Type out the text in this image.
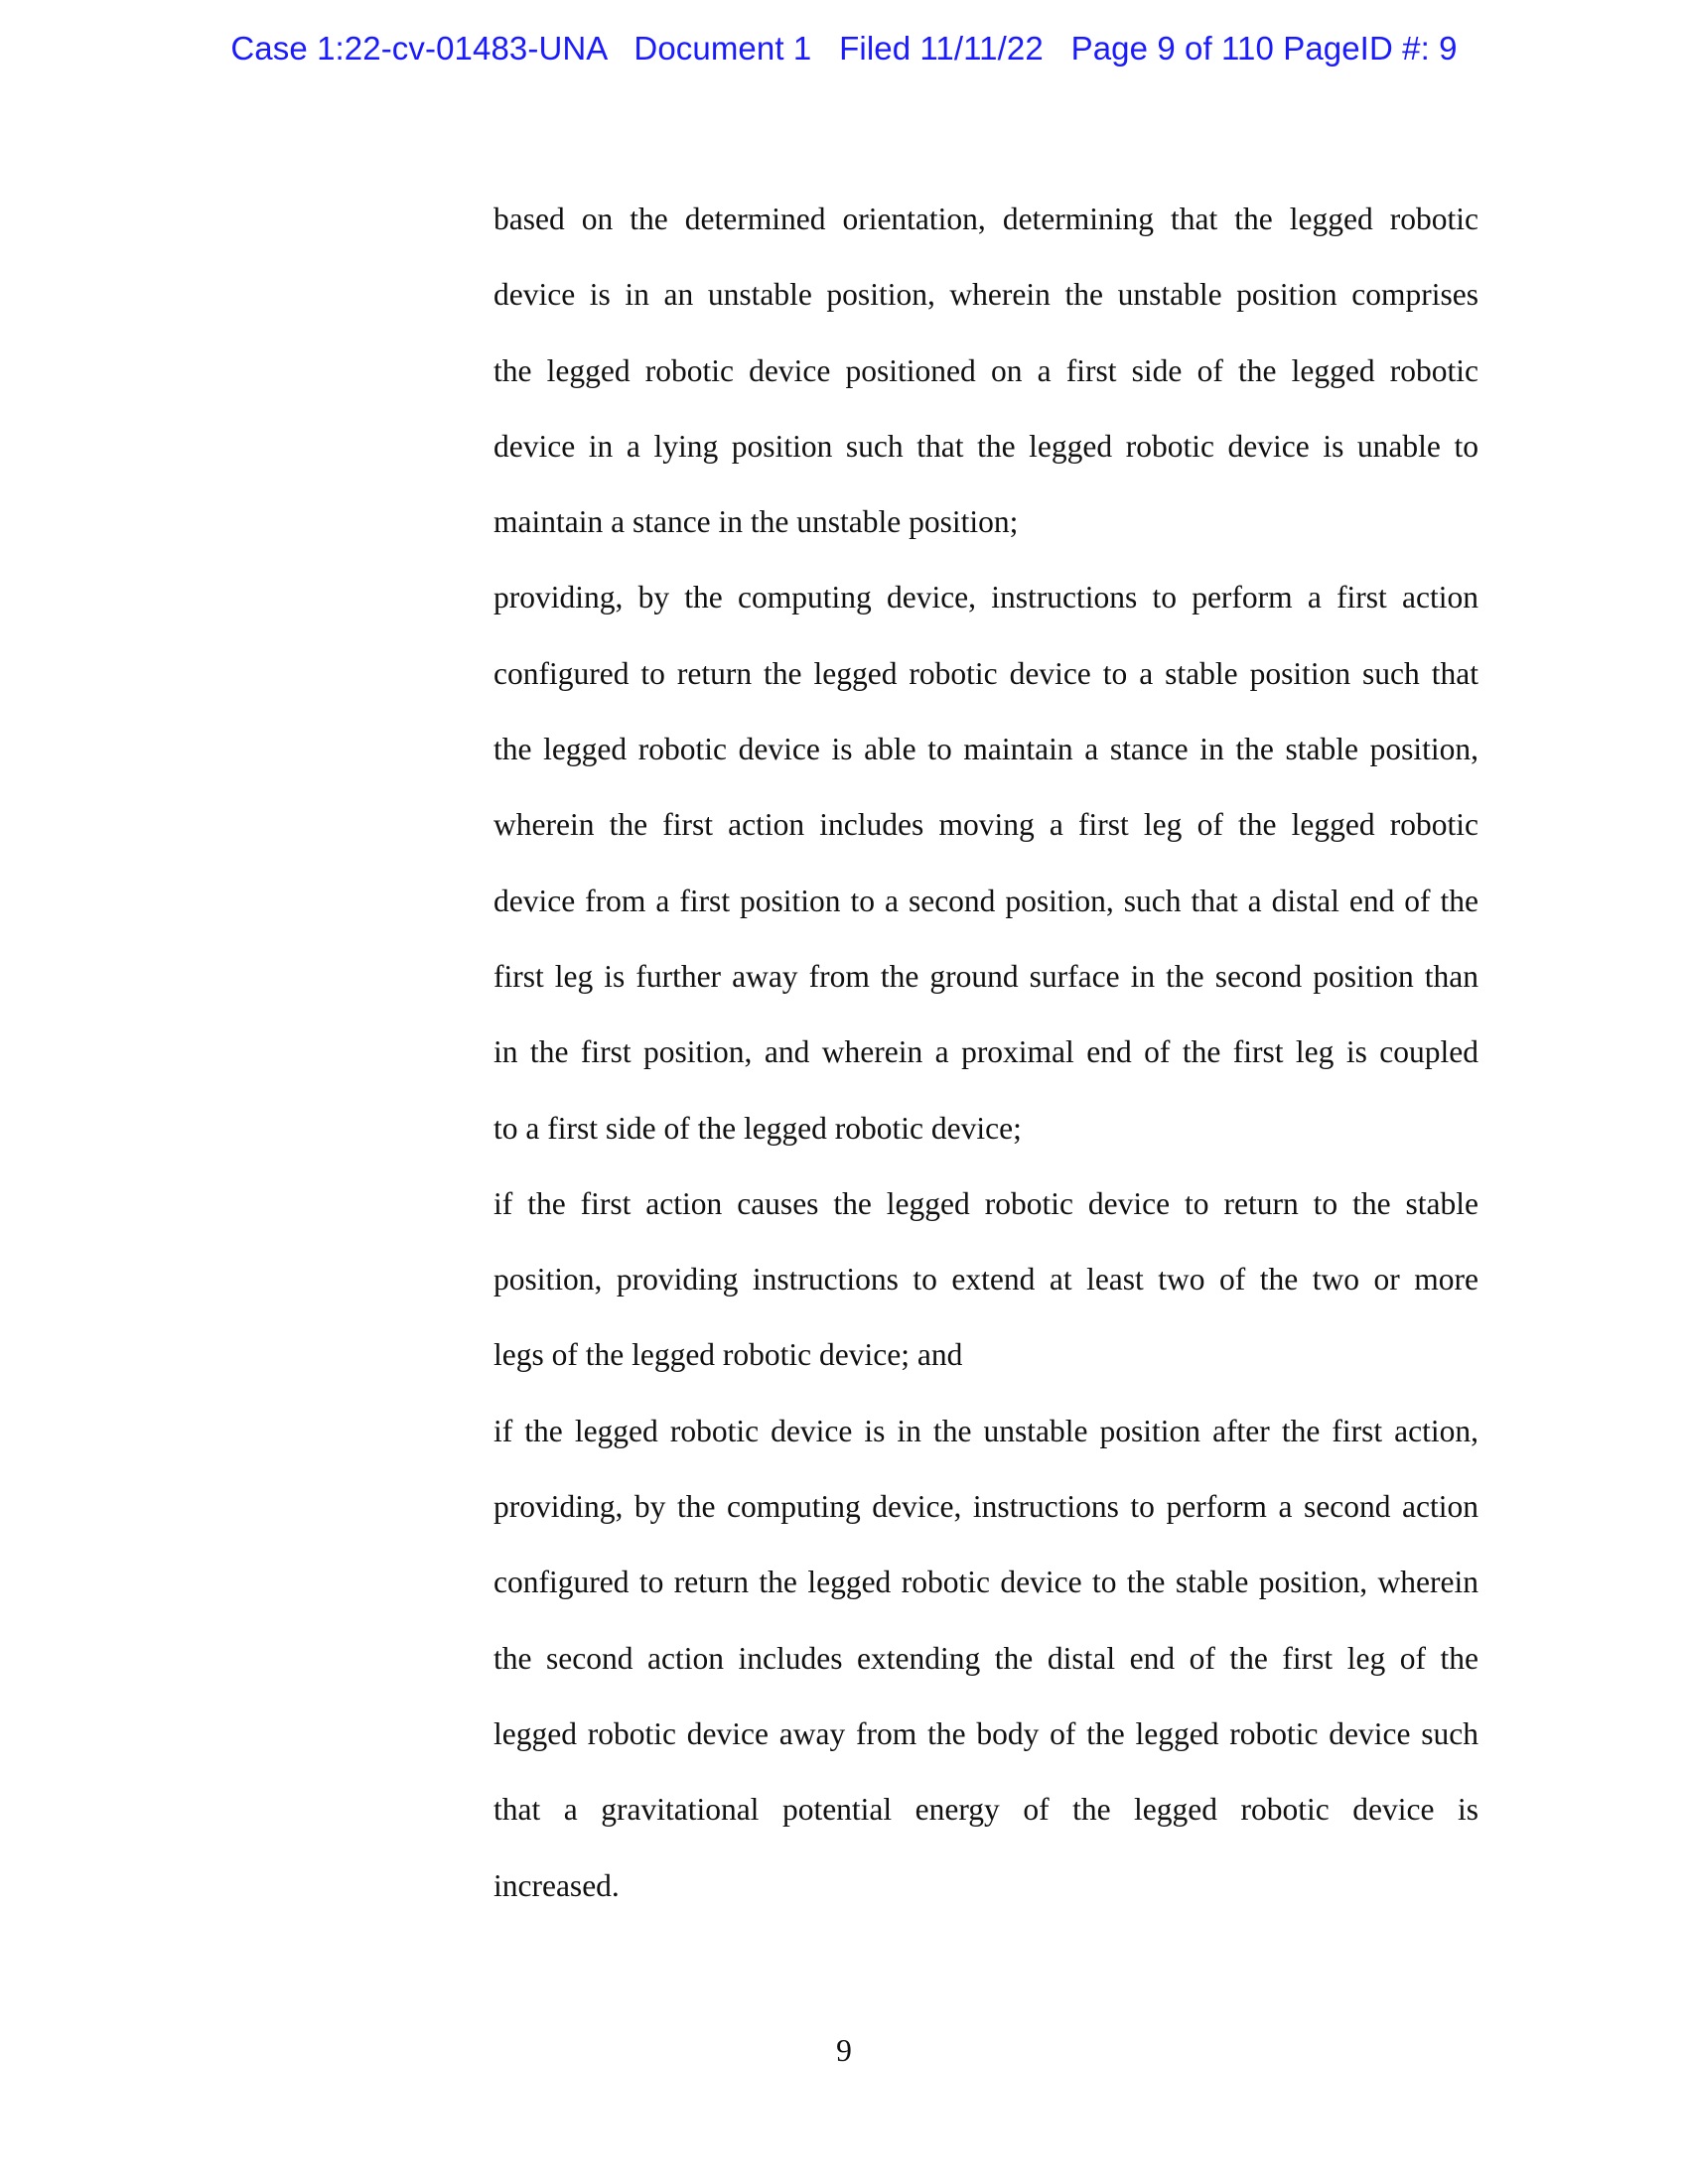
Case 1:22-cv-01483-UNA   Document 1   Filed 11/11/22   Page 9 of 110 PageID #: 9
based on the determined orientation, determining that the legged robotic
device is in an unstable position, wherein the unstable position comprises
the legged robotic device positioned on a first side of the legged robotic
device in a lying position such that the legged robotic device is unable to
maintain a stance in the unstable position;
providing, by the computing device, instructions to perform a first action
configured to return the legged robotic device to a stable position such that
the legged robotic device is able to maintain a stance in the stable position,
wherein the first action includes moving a first leg of the legged robotic
device from a first position to a second position, such that a distal end of the
first leg is further away from the ground surface in the second position than
in the first position, and wherein a proximal end of the first leg is coupled
to a first side of the legged robotic device;
if the first action causes the legged robotic device to return to the stable
position, providing instructions to extend at least two of the two or more
legs of the legged robotic device; and
if the legged robotic device is in the unstable position after the first action,
providing, by the computing device, instructions to perform a second action
configured to return the legged robotic device to the stable position, wherein
the second action includes extending the distal end of the first leg of the
legged robotic device away from the body of the legged robotic device such
that a gravitational potential energy of the legged robotic device is
increased.
9
